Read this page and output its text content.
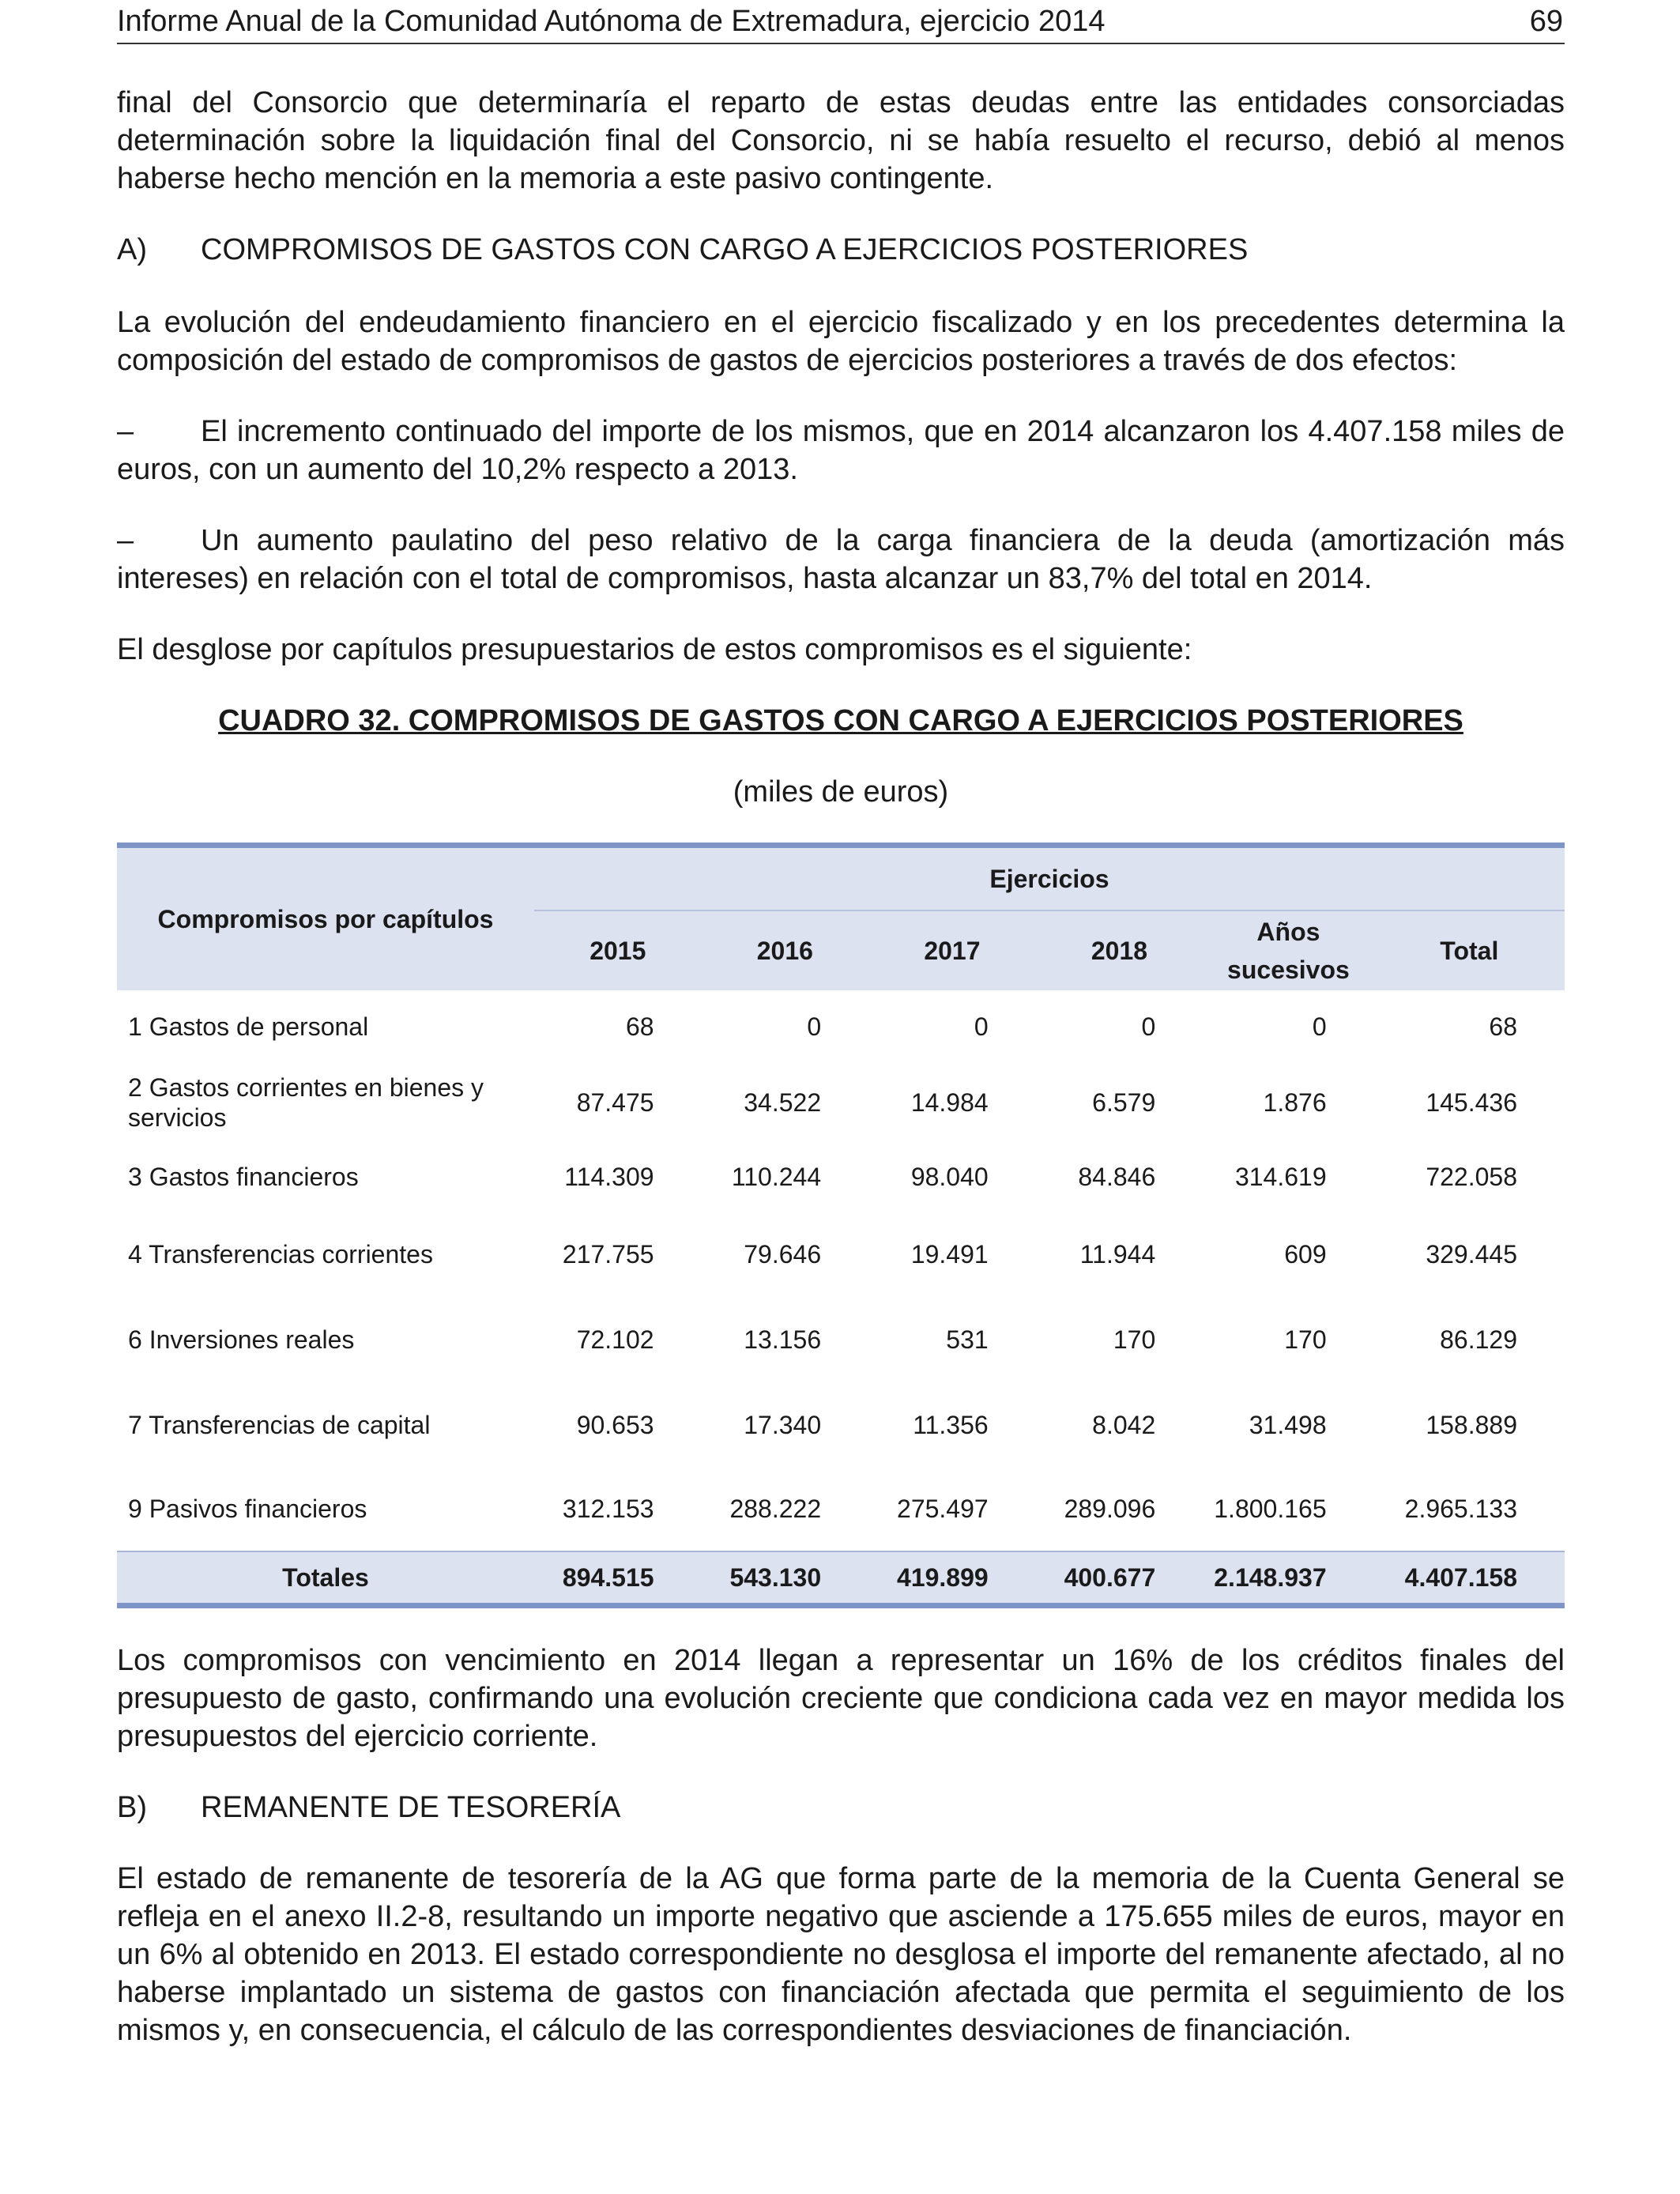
Informe Anual de la Comunidad Autónoma de Extremadura, ejercicio 2014	69

final del Consorcio que determinaría el reparto de estas deudas entre las entidades consorciadas determinación sobre la liquidación final del Consorcio, ni se había resuelto el recurso, debió al menos haberse hecho mención en la memoria a este pasivo contingente.

A) COMPROMISOS DE GASTOS CON CARGO A EJERCICIOS POSTERIORES

La evolución del endeudamiento financiero en el ejercicio fiscalizado y en los precedentes determina la composición del estado de compromisos de gastos de ejercicios posteriores a través de dos efectos:

– El incremento continuado del importe de los mismos, que en 2014 alcanzaron los 4.407.158 miles de euros, con un aumento del 10,2% respecto a 2013.

– Un aumento paulatino del peso relativo de la carga financiera de la deuda (amortización más intereses) en relación con el total de compromisos, hasta alcanzar un 83,7% del total en 2014.

El desglose por capítulos presupuestarios de estos compromisos es el siguiente:

CUADRO 32. COMPROMISOS DE GASTOS CON CARGO A EJERCICIOS POSTERIORES

(miles de euros)

Compromisos por capítulos	Ejercicios					
	2015	2016	2017	2018	Años sucesivos	Total
1 Gastos de personal	68	0	0	0	0	68
2 Gastos corrientes en bienes y servicios	87.475	34.522	14.984	6.579	1.876	145.436
3 Gastos financieros	114.309	110.244	98.040	84.846	314.619	722.058
4 Transferencias corrientes	217.755	79.646	19.491	11.944	609	329.445
6 Inversiones reales	72.102	13.156	531	170	170	86.129
7 Transferencias de capital	90.653	17.340	11.356	8.042	31.498	158.889
9 Pasivos financieros	312.153	288.222	275.497	289.096	1.800.165	2.965.133
Totales	894.515	543.130	419.899	400.677	2.148.937	4.407.158

Los compromisos con vencimiento en 2014 llegan a representar un 16% de los créditos finales del presupuesto de gasto, confirmando una evolución creciente que condiciona cada vez en mayor medida los presupuestos del ejercicio corriente.

B) REMANENTE DE TESORERÍA

El estado de remanente de tesorería de la AG que forma parte de la memoria de la Cuenta General se refleja en el anexo II.2-8, resultando un importe negativo que asciende a 175.655 miles de euros, mayor en un 6% al obtenido en 2013. El estado correspondiente no desglosa el importe del remanente afectado, al no haberse implantado un sistema de gastos con financiación afectada que permita el seguimiento de los mismos y, en consecuencia, el cálculo de las correspondientes desviaciones de financiación.
